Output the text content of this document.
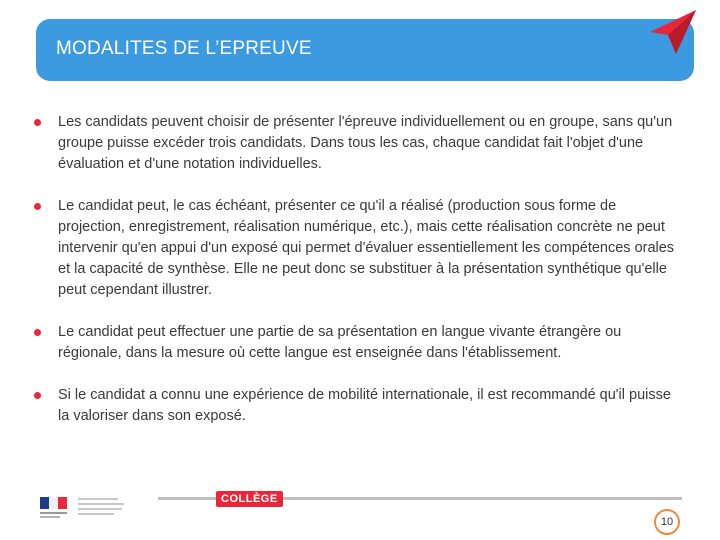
MODALITES DE L’EPREUVE
Les candidats peuvent choisir de présenter l'épreuve individuellement ou en groupe, sans qu'un groupe puisse excéder trois candidats. Dans tous les cas, chaque candidat fait l'objet d'une évaluation et d'une notation individuelles.
Le candidat peut, le cas échéant, présenter ce qu'il a réalisé (production sous forme de projection, enregistrement, réalisation numérique, etc.), mais cette réalisation concrète ne peut intervenir qu'en appui d'un exposé qui permet d'évaluer essentiellement les compétences orales et la capacité de synthèse. Elle ne peut donc se substituer à la présentation synthétique qu'elle peut cependant illustrer.
Le candidat peut effectuer une partie de sa présentation en langue vivante étrangère ou régionale, dans la mesure où cette langue est enseignée dans l'établissement.
Si le candidat a connu une expérience de mobilité internationale, il est recommandé qu'il puisse la valoriser dans son exposé.
COLLÈGE
10
